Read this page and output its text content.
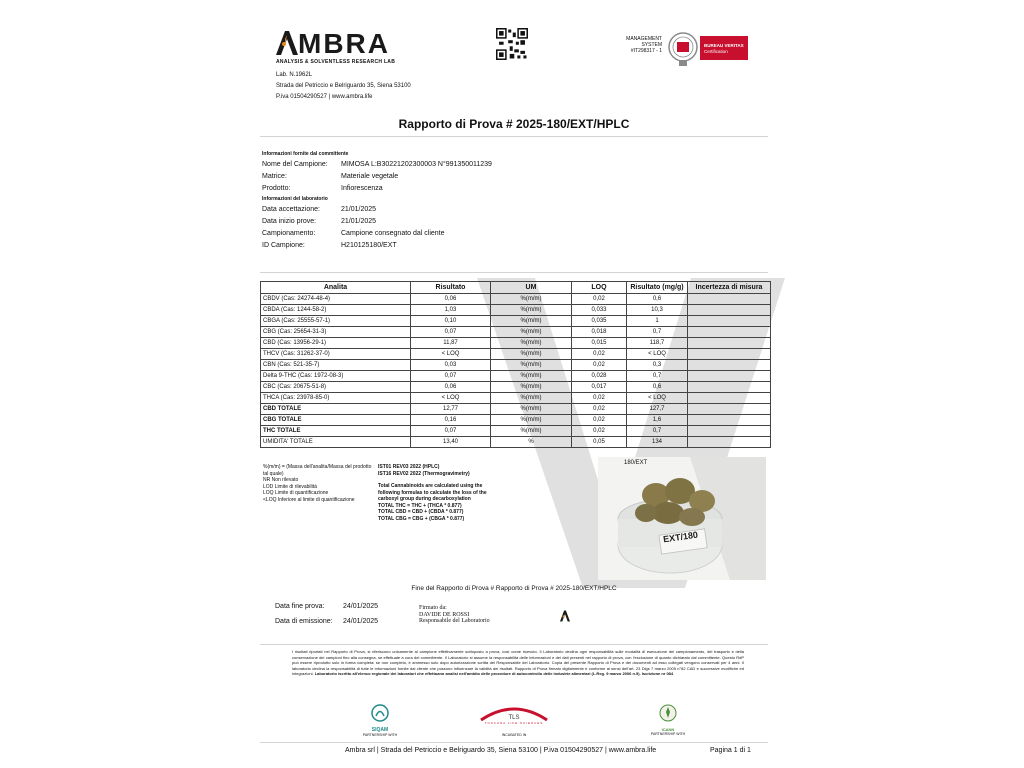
MBRA
ANALYSIS & SOLVENTLESS RESEARCH LAB
Lab. N.1962L
Strada del Petriccio e Belriguardo 35, Siena 53100
P.iva 01504290527 | www.ambra.life
MANAGEMENT
SYSTEM
#IT298317 - 1
BUREAU VERITAS
Certification
Rapporto di Prova # 2025-180/EXT/HPLC
Informazioni fornite dal committente
Nome del Campione:	MIMOSA L:B30221202300003 N°991350011239
Matrice:	Materiale vegetale
Prodotto:	Infiorescenza
Informazioni del laboratorio
Data accettazione:	21/01/2025
Data inizio prove:	21/01/2025
Campionamento:	Campione consegnato dal cliente
ID Campione:	H210125180/EXT
Analita	Risultato	UM	LOQ	Risultato (mg/g)	Incertezza di misura
CBDV (Cas: 24274-48-4)	0,06	%(m/m)	0,02	0,6	
CBDA (Cas: 1244-58-2)	1,03	%(m/m)	0,033	10,3	
CBGA (Cas: 25555-57-1)	0,10	%(m/m)	0,035	1	
CBG (Cas: 25654-31-3)	0,07	%(m/m)	0,018	0,7	
CBD (Cas: 13956-29-1)	11,87	%(m/m)	0,015	118,7	
THCV (Cas: 31262-37-0)	< LOQ	%(m/m)	0,02	< LOQ	
CBN (Cas: 521-35-7)	0,03	%(m/m)	0,02	0,3	
Delta 9-THC (Cas: 1972-08-3)	0,07	%(m/m)	0,028	0,7	
CBC (Cas: 20675-51-8)	0,06	%(m/m)	0,017	0,6	
THCA (Cas: 23978-85-0)	< LOQ	%(m/m)	0,02	< LOQ	
CBD TOTALE	12,77	%(m/m)	0,02	127,7	
CBG TOTALE	0,16	%(m/m)	0,02	1,6	
THC TOTALE	0,07	%(m/m)	0,02	0,7	
UMIDITA' TOTALE	13,40	%	0,05	134	
%(m/m) = (Massa dell'analita/Massa del prodotto tal quale)
NR Non rilevato
LOD Limite di rilevabilità
LOQ Limite di quantificazione
<LOQ Inferiore al limite di quantificazione
IST01 REV03 2022 (HPLC)
IST16 REV02 2022 (Thermogravimetry)
Total Cannabinoids are calculated using the following formulas to calculate the loss of the carboxyl group during decarboxylation
TOTAL THC = THC + (THCA * 0.877)
TOTAL CBD = CBD + (CBDA * 0.877)
TOTAL CBG = CBG + (CBGA * 0.877)
180/EXT
EXT/180
Fine del Rapporto di Prova # Rapporto di Prova # 2025-180/EXT/HPLC
Data fine prova:	24/01/2025
Data di emissione:	24/01/2025
Firmato da:
DAVIDE DE ROSSI
Responsabile del Laboratorio
I risultati riportati nel Rapporto di Prova, si riferiscono unicamente al campione effettivamente sottoposto a prova, così come ricevuto. Il Laboratorio declina ogni responsabilità sulle modalità di esecuzione del campionamento, del trasporto e della conservazione dei campioni fino alla consegna, se effettuate a cura del committente. Il Laboratorio si assume la responsabilità delle informazioni e dei dati presenti nel rapporto di prova, con l'esclusione di quanto dichiarato dal committente. Questo RdP può essere riprodotto solo in forma completa: se non completo, è ammesso solo dopo autorizzazione scritta del Responsabile del Laboratorio. Copia del presente Rapporto di Prova e dei documenti ad esso collegati vengono conservati per 4 anni. Il laboratorio declina la responsabilità di tutte le informazioni fornite dal cliente che possono influenzare la validità dei risultati. Rapporto di Prova firmato digitalmente e conforme ai sensi dell'art. 23 Dlgs 7 marzo 2005 n°82 CAD e successive modifiche ed integrazioni. Laboratorio iscritto all'elenco regionale dei laboratori che effettuano analisi nell'ambito delle procedure di autocontrollo delle industrie alimentari (L.Reg. 9 marzo 2006 n.9). Iscrizione nr 084
SIQAM
PARTNERSHIP WITH
TLS
TOSCANA LIFE SCIENCES
INCUBATED IN
ICANN
PARTNERSHIP WITH
Ambra srl | Strada del Petriccio e Belriguardo 35, Siena 53100 | P.iva 01504290527 | www.ambra.life	Pagina 1 di 1
